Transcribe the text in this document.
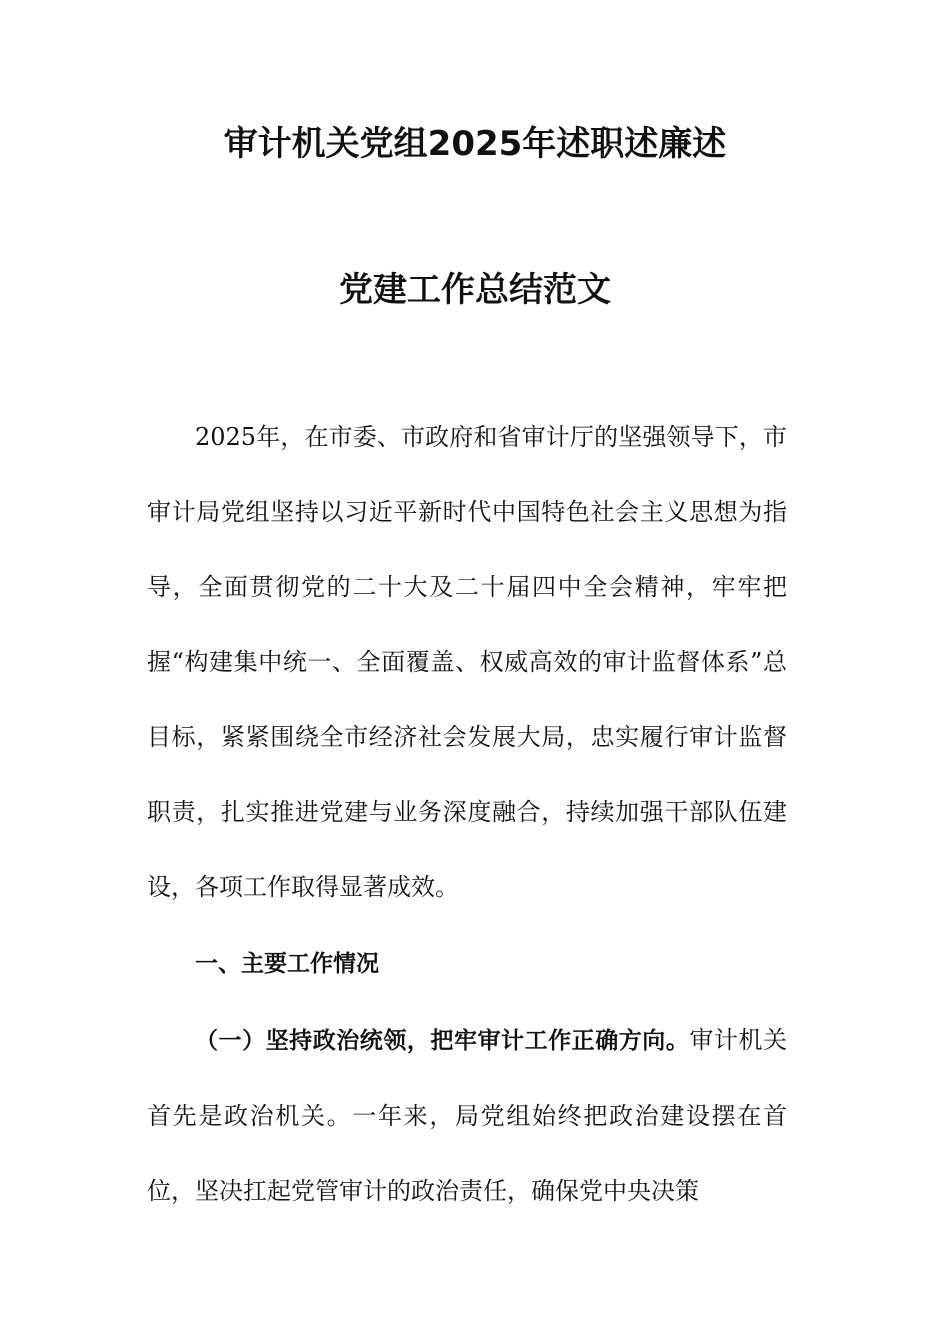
审计机关党组2025年述职述廉述
党建工作总结范文

2025年，在市委、市政府和省审计厅的坚强领导下，市审计局党组坚持以习近平新时代中国特色社会主义思想为指导，全面贯彻党的二十大及二十届四中全会精神，牢牢把握“构建集中统一、全面覆盖、权威高效的审计监督体系”总目标，紧紧围绕全市经济社会发展大局，忠实履行审计监督职责，扎实推进党建与业务深度融合，持续加强干部队伍建设，各项工作取得显著成效。

一、主要工作情况

（一）坚持政治统领，把牢审计工作正确方向。审计机关首先是政治机关。一年来，局党组始终把政治建设摆在首位，坚决扛起党管审计的政治责任，确保党中央决策
